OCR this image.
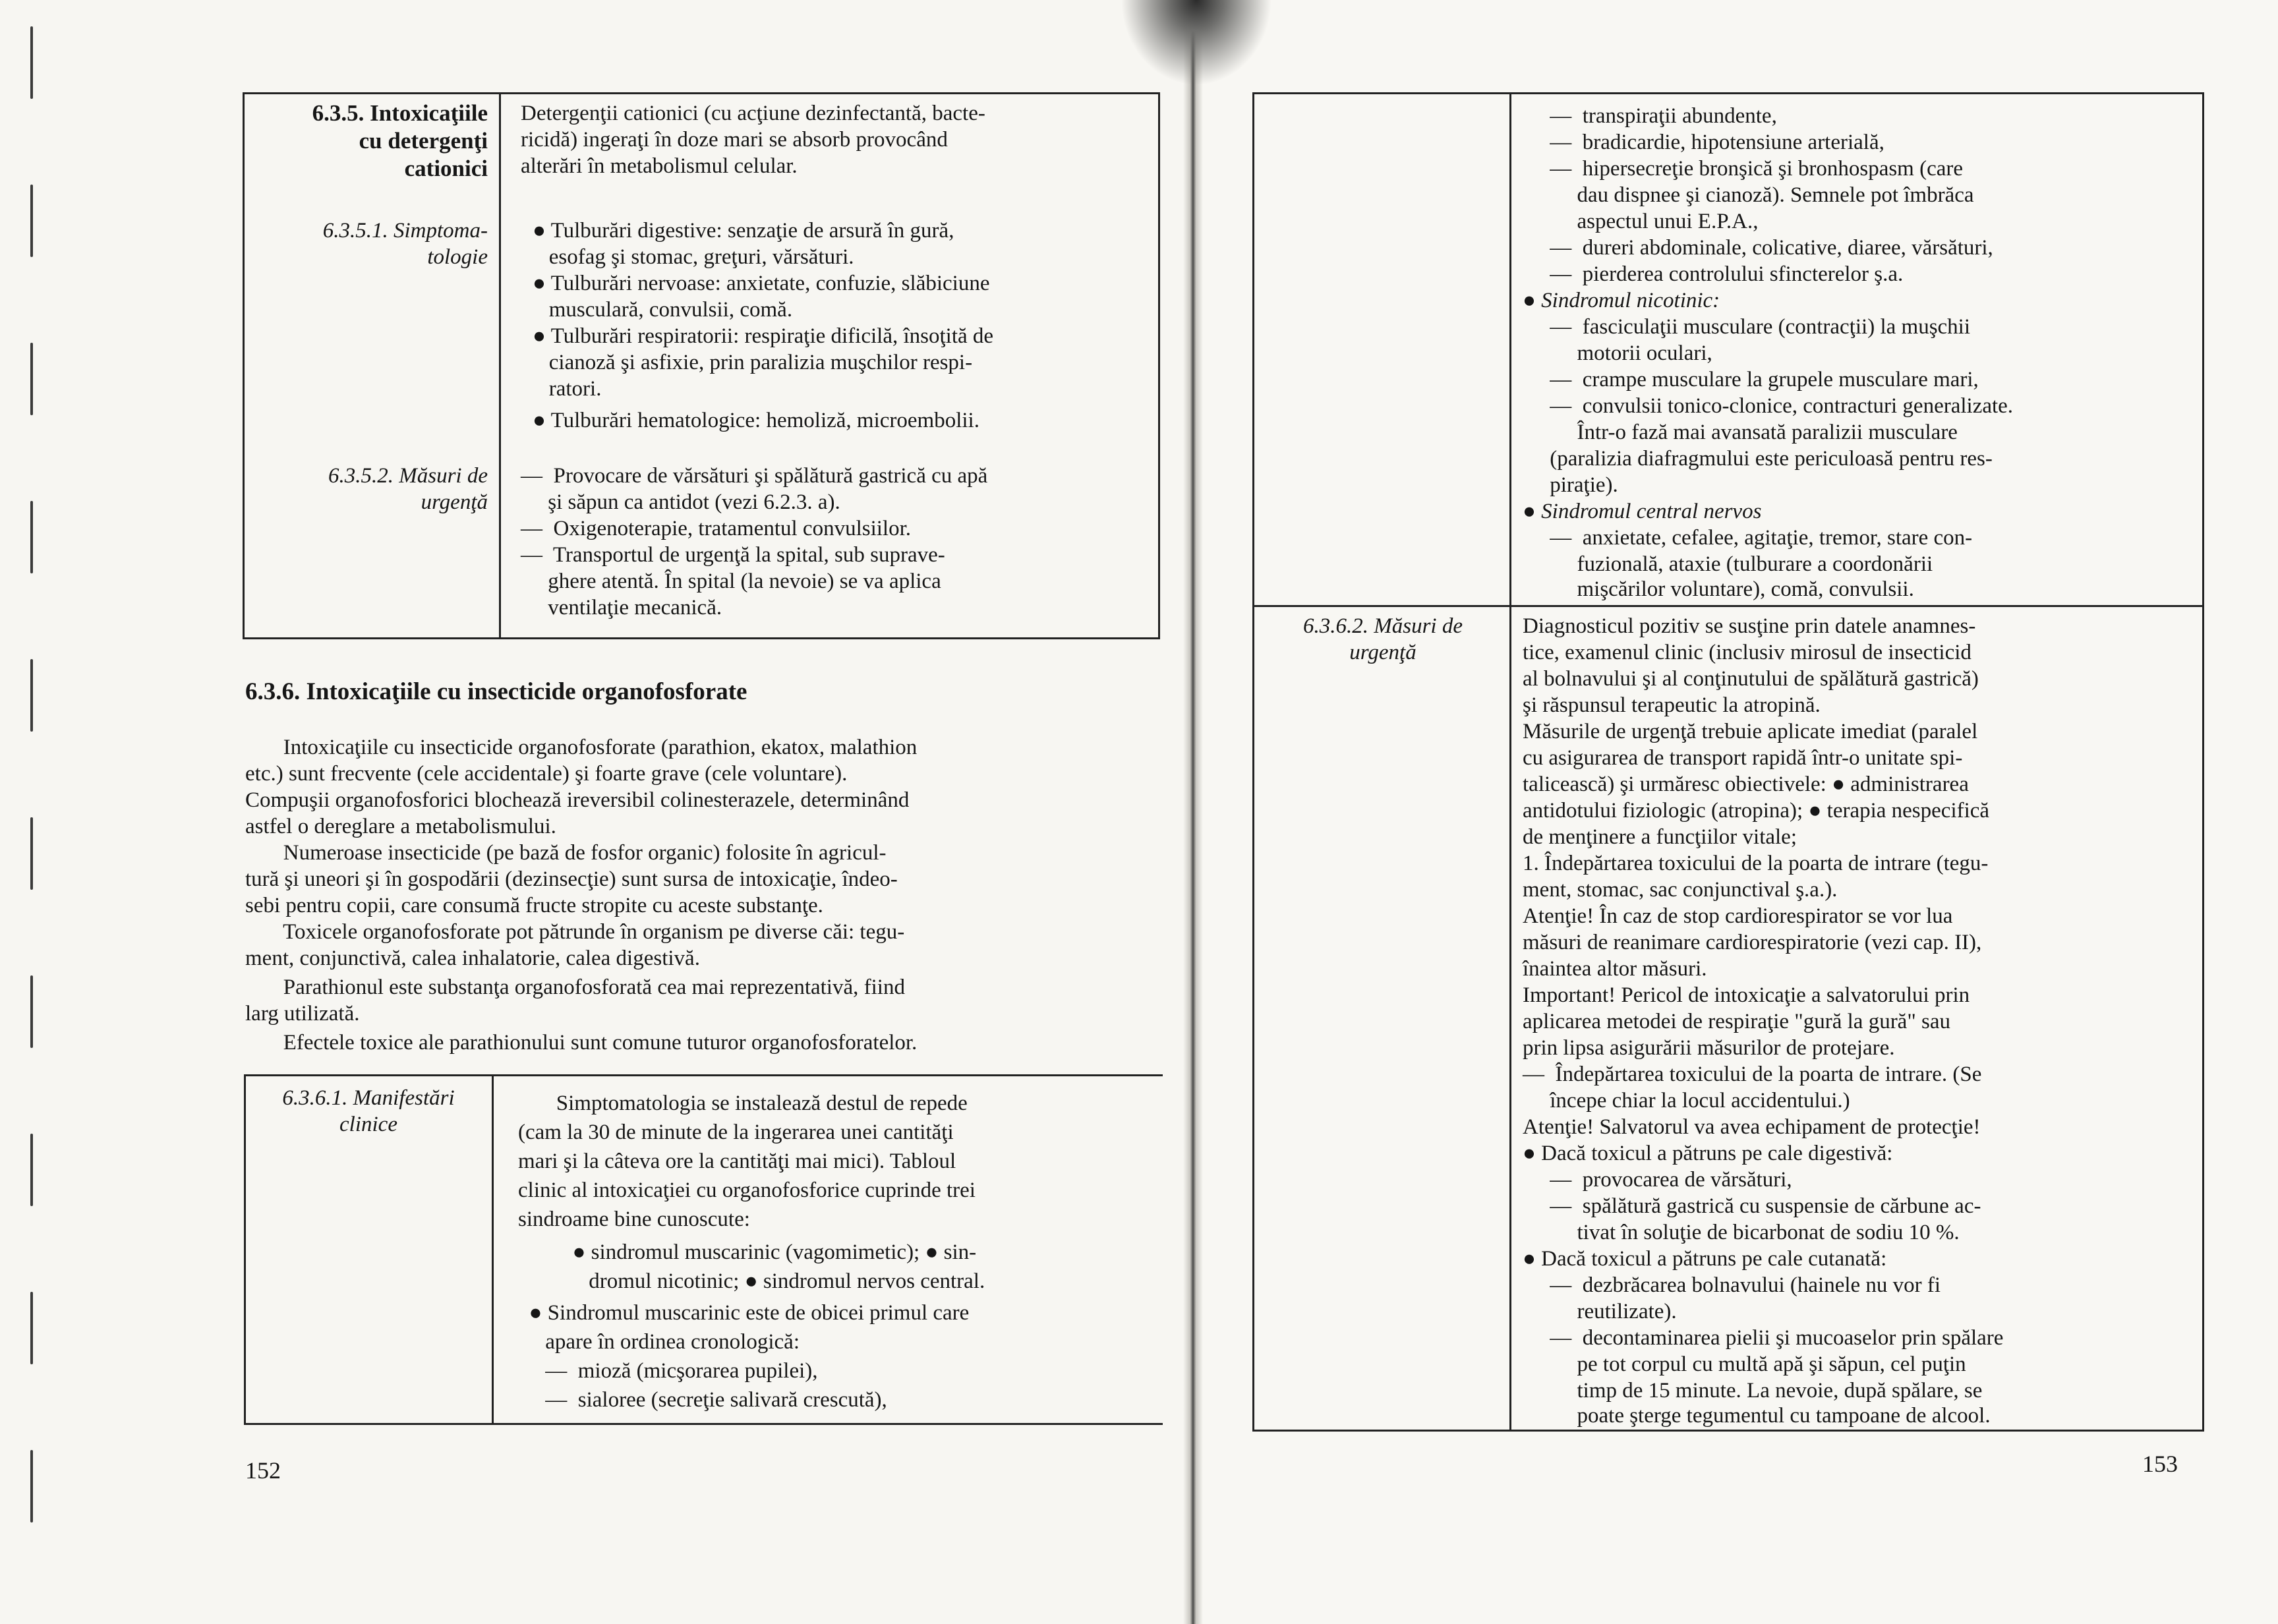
6.3.5. Intoxicaţiile
cu detergenţi
cationici
6.3.5.1. Simptoma-
tologie
6.3.5.2. Măsuri de
urgenţă
Detergenţii cationici (cu acţiune dezinfectantă, bacte-
ricidă) ingeraţi în doze mari se absorb provocând
alterări în metabolismul celular.
● Tulburări digestive: senzaţie de arsură în gură,
esofag şi stomac, greţuri, vărsături.
● Tulburări nervoase: anxietate, confuzie, slăbiciune
musculară, convulsii, comă.
● Tulburări respiratorii: respiraţie dificilă, însoţită de
cianoză şi asfixie, prin paralizia muşchilor respi-
ratori.
● Tulburări hematologice: hemoliză, microembolii.
—  Provocare de vărsături şi spălătură gastrică cu apă
şi săpun ca antidot (vezi 6.2.3. a).
—  Oxigenoterapie, tratamentul convulsiilor.
—  Transportul de urgenţă la spital, sub suprave-
ghere atentă. În spital (la nevoie) se va aplica
ventilaţie mecanică.
6.3.6. Intoxicaţiile cu insecticide organofosforate
Intoxicaţiile cu insecticide organofosforate (parathion, ekatox, malathion
etc.) sunt frecvente (cele accidentale) şi foarte grave (cele voluntare).
Compuşii organofosforici blochează ireversibil colinesterazele, determinând
astfel o dereglare a metabolismului.
Numeroase insecticide (pe bază de fosfor organic) folosite în agricul-
tură şi uneori şi în gospodării (dezinsecţie) sunt sursa de intoxicaţie, îndeo-
sebi pentru copii, care consumă fructe stropite cu aceste substanţe.
Toxicele organofosforate pot pătrunde în organism pe diverse căi: tegu-
ment, conjunctivă, calea inhalatorie, calea digestivă.
Parathionul este substanţa organofosforată cea mai reprezentativă, fiind
larg utilizată.
Efectele toxice ale parathionului sunt comune tuturor organofosforatelor.
6.3.6.1. Manifestări
clinice
Simptomatologia se instalează destul de repede
(cam la 30 de minute de la ingerarea unei cantităţi
mari şi la câteva ore la cantităţi mai mici). Tabloul
clinic al intoxicaţiei cu organofosforice cuprinde trei
sindroame bine cunoscute:
● sindromul muscarinic (vagomimetic); ● sin-
dromul nicotinic; ● sindromul nervos central.
● Sindromul muscarinic este de obicei primul care
apare în ordinea cronologică:
—  mioză (micşorarea pupilei),
—  sialoree (secreţie salivară crescută),
152
—  transpiraţii abundente,
—  bradicardie, hipotensiune arterială,
—  hipersecreţie bronşică şi bronhospasm (care
dau dispnee şi cianoză). Semnele pot îmbrăca
aspectul unui E.P.A.,
—  dureri abdominale, colicative, diaree, vărsături,
—  pierderea controlului sfincterelor ş.a.
● Sindromul nicotinic:
—  fasciculaţii musculare (contracţii) la muşchii
motorii oculari,
—  crampe musculare la grupele musculare mari,
—  convulsii tonico-clonice, contracturi generalizate.
Într-o fază mai avansată paralizii musculare
(paralizia diafragmului este periculoasă pentru res-
piraţie).
● Sindromul central nervos
—  anxietate, cefalee, agitaţie, tremor, stare con-
fuzională, ataxie (tulburare a coordonării
mişcărilor voluntare), comă, convulsii.
6.3.6.2. Măsuri de
urgenţă
Diagnosticul pozitiv se susţine prin datele anamnes-
tice, examenul clinic (inclusiv mirosul de insecticid
al bolnavului şi al conţinutului de spălătură gastrică)
şi răspunsul terapeutic la atropină.
Măsurile de urgenţă trebuie aplicate imediat (paralel
cu asigurarea de transport rapidă într-o unitate spi-
talicească) şi urmăresc obiectivele: ● administrarea
antidotului fiziologic (atropina); ● terapia nespecifică
de menţinere a funcţiilor vitale;
1. Îndepărtarea toxicului de la poarta de intrare (tegu-
ment, stomac, sac conjunctival ş.a.).
Atenţie! În caz de stop cardiorespirator se vor lua
măsuri de reanimare cardiorespiratorie (vezi cap. II),
înaintea altor măsuri.
Important! Pericol de intoxicaţie a salvatorului prin
aplicarea metodei de respiraţie "gură la gură" sau
prin lipsa asigurării măsurilor de protejare.
—  Îndepărtarea toxicului de la poarta de intrare. (Se
începe chiar la locul accidentului.)
Atenţie! Salvatorul va avea echipament de protecţie!
● Dacă toxicul a pătruns pe cale digestivă:
—  provocarea de vărsături,
—  spălătură gastrică cu suspensie de cărbune ac-
tivat în soluţie de bicarbonat de sodiu 10 %.
● Dacă toxicul a pătruns pe cale cutanată:
—  dezbrăcarea bolnavului (hainele nu vor fi
reutilizate).
—  decontaminarea pielii şi mucoaselor prin spălare
pe tot corpul cu multă apă şi săpun, cel puţin
timp de 15 minute. La nevoie, după spălare, se
poate şterge tegumentul cu tampoane de alcool.
153
